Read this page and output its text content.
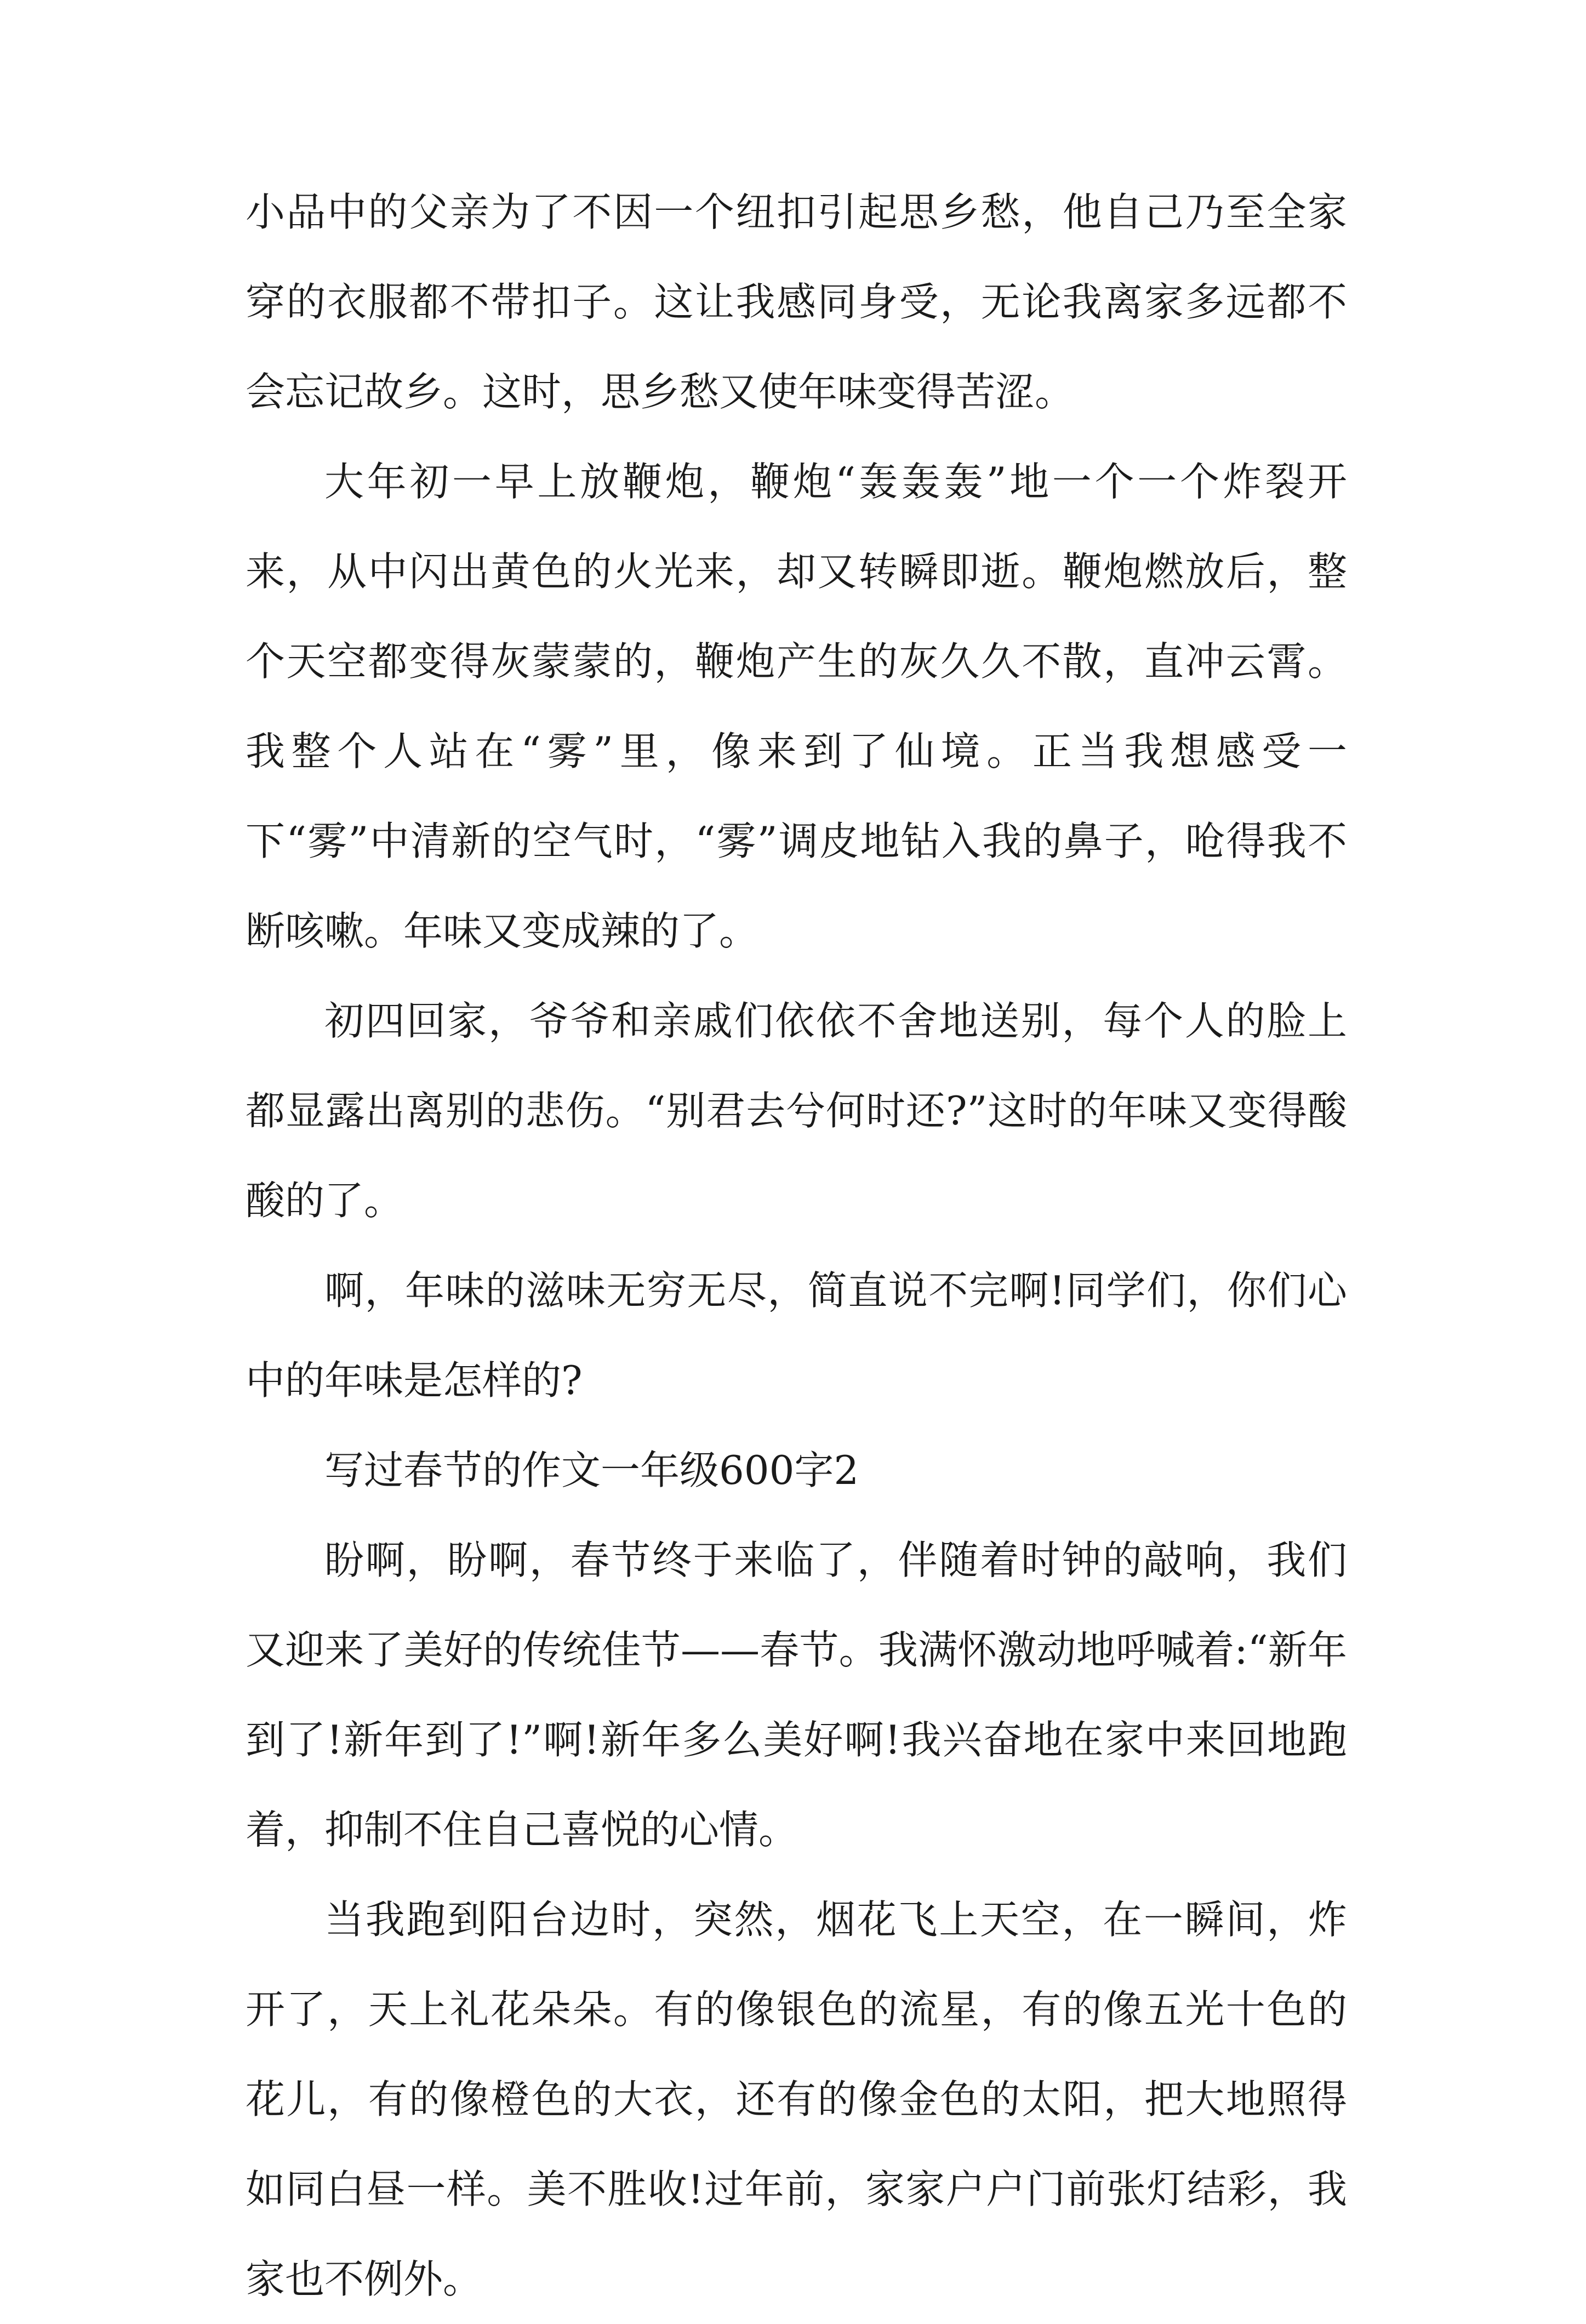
小品中的父亲为了不因一个纽扣引起思乡愁，他自己乃至全家穿的衣服都不带扣子。这让我感同身受，无论我离家多远都不会忘记故乡。这时，思乡愁又使年味变得苦涩。

大年初一早上放鞭炮，鞭炮“轰轰轰”地一个一个炸裂开来，从中闪出黄色的火光来，却又转瞬即逝。鞭炮燃放后，整个天空都变得灰蒙蒙的，鞭炮产生的灰久久不散，直冲云霄。我整个人站在“雾”里，像来到了仙境。正当我想感受一下“雾”中清新的空气时，“雾”调皮地钻入我的鼻子，呛得我不断咳嗽。年味又变成辣的了。

初四回家，爷爷和亲戚们依依不舍地送别，每个人的脸上都显露出离别的悲伤。“别君去兮何时还?”这时的年味又变得酸酸的了。

啊，年味的滋味无穷无尽，简直说不完啊!同学们，你们心中的年味是怎样的?

写过春节的作文一年级600字2

盼啊，盼啊，春节终于来临了，伴随着时钟的敲响，我们又迎来了美好的传统佳节——春节。我满怀激动地呼喊着:“新年到了!新年到了!”啊!新年多么美好啊!我兴奋地在家中来回地跑着，抑制不住自己喜悦的心情。

当我跑到阳台边时，突然，烟花飞上天空，在一瞬间，炸开了，天上礼花朵朵。有的像银色的流星，有的像五光十色的花儿，有的像橙色的大衣，还有的像金色的太阳，把大地照得如同白昼一样。美不胜收!过年前，家家户户门前张灯结彩，我家也不例外。
